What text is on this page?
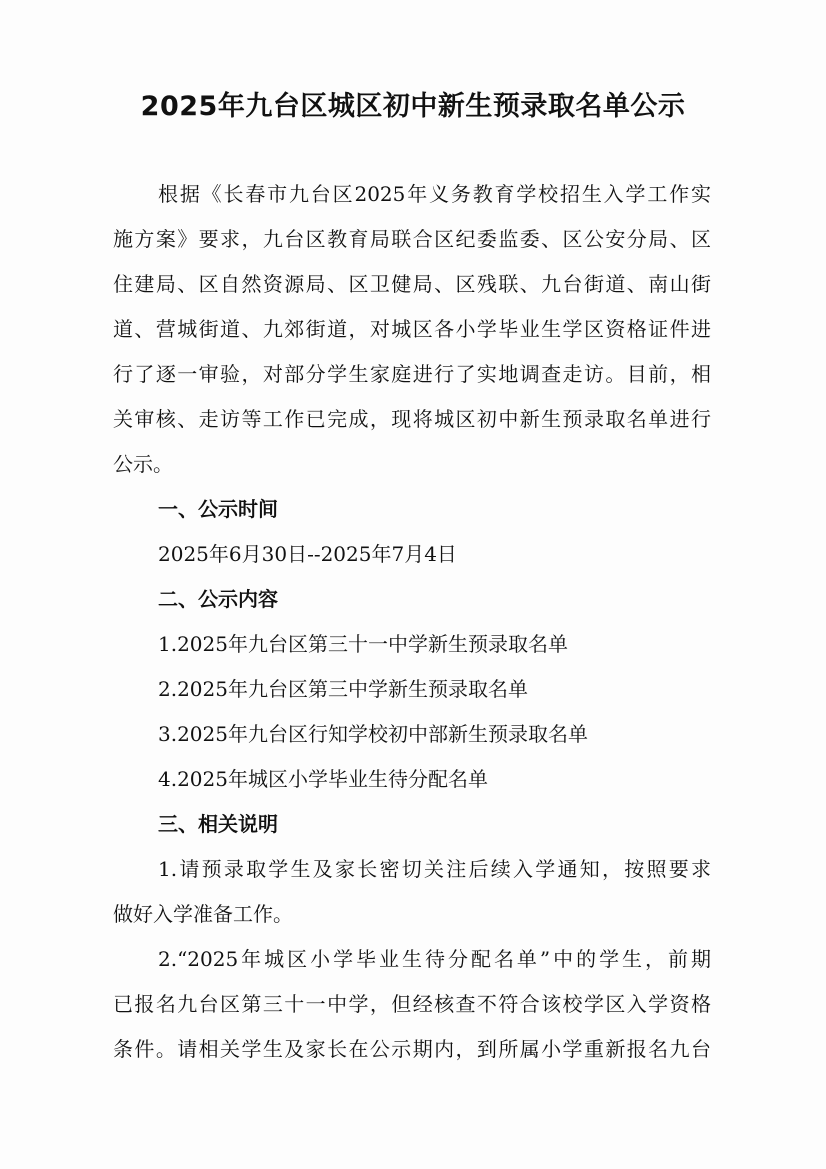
2025年九台区城区初中新生预录取名单公示
根据《长春市九台区2025年义务教育学校招生入学工作实
施方案》要求，九台区教育局联合区纪委监委、区公安分局、区
住建局、区自然资源局、区卫健局、区残联、九台街道、南山街
道、营城街道、九郊街道，对城区各小学毕业生学区资格证件进
行了逐一审验，对部分学生家庭进行了实地调查走访。目前，相
关审核、走访等工作已完成，现将城区初中新生预录取名单进行
公示。
一、公示时间
2025年6月30日--2025年7月4日
二、公示内容
1.2025年九台区第三十一中学新生预录取名单
2.2025年九台区第三中学新生预录取名单
3.2025年九台区行知学校初中部新生预录取名单
4.2025年城区小学毕业生待分配名单
三、相关说明
1.请预录取学生及家长密切关注后续入学通知，按照要求
做好入学准备工作。
2.“2025年城区小学毕业生待分配名单”中的学生，前期
已报名九台区第三十一中学，但经核查不符合该校学区入学资格
条件。请相关学生及家长在公示期内，到所属小学重新报名九台
